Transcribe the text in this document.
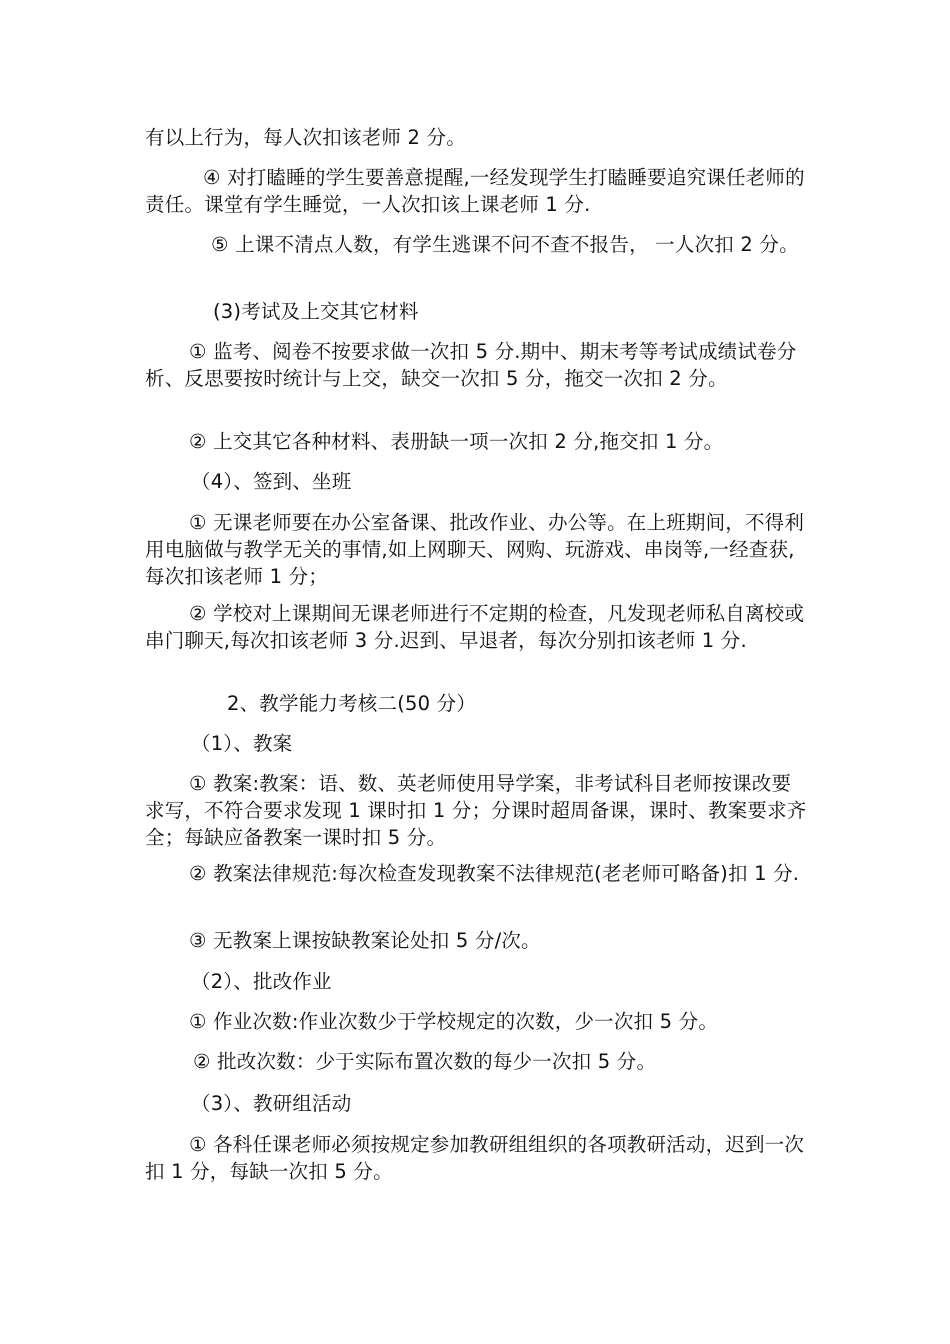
有以上行为，每人次扣该老师 2 分。

④ 对打瞌睡的学生要善意提醒,一经发现学生打瞌睡要追究课任老师的责任。课堂有学生睡觉，一人次扣该上课老师 1 分.

⑤ 上课不清点人数，有学生逃课不问不查不报告， 一人次扣 2 分。

(3)考试及上交其它材料

① 监考、阅卷不按要求做一次扣 5 分.期中、期末考等考试成绩试卷分析、反思要按时统计与上交，缺交一次扣 5 分，拖交一次扣 2 分。

② 上交其它各种材料、表册缺一项一次扣 2 分,拖交扣 1 分。

（4）、签到、坐班

① 无课老师要在办公室备课、批改作业、办公等。在上班期间，不得利用电脑做与教学无关的事情,如上网聊天、网购、玩游戏、串岗等,一经查获,每次扣该老师 1 分；

② 学校对上课期间无课老师进行不定期的检查，凡发现老师私自离校或串门聊天,每次扣该老师 3 分.迟到、早退者，每次分别扣该老师 1 分.

2、教学能力考核二(50 分）

（1）、教案

① 教案:教案：语、数、英老师使用导学案，非考试科目老师按课改要求写，不符合要求发现 1 课时扣 1 分；分课时超周备课，课时、教案要求齐全；每缺应备教案一课时扣 5 分。

② 教案法律规范:每次检查发现教案不法律规范(老老师可略备)扣 1 分.

③ 无教案上课按缺教案论处扣 5 分/次。

（2）、批改作业

① 作业次数:作业次数少于学校规定的次数，少一次扣 5 分。

② 批改次数：少于实际布置次数的每少一次扣 5 分。

（3）、教研组活动

① 各科任课老师必须按规定参加教研组组织的各项教研活动，迟到一次扣 1 分，每缺一次扣 5 分。
